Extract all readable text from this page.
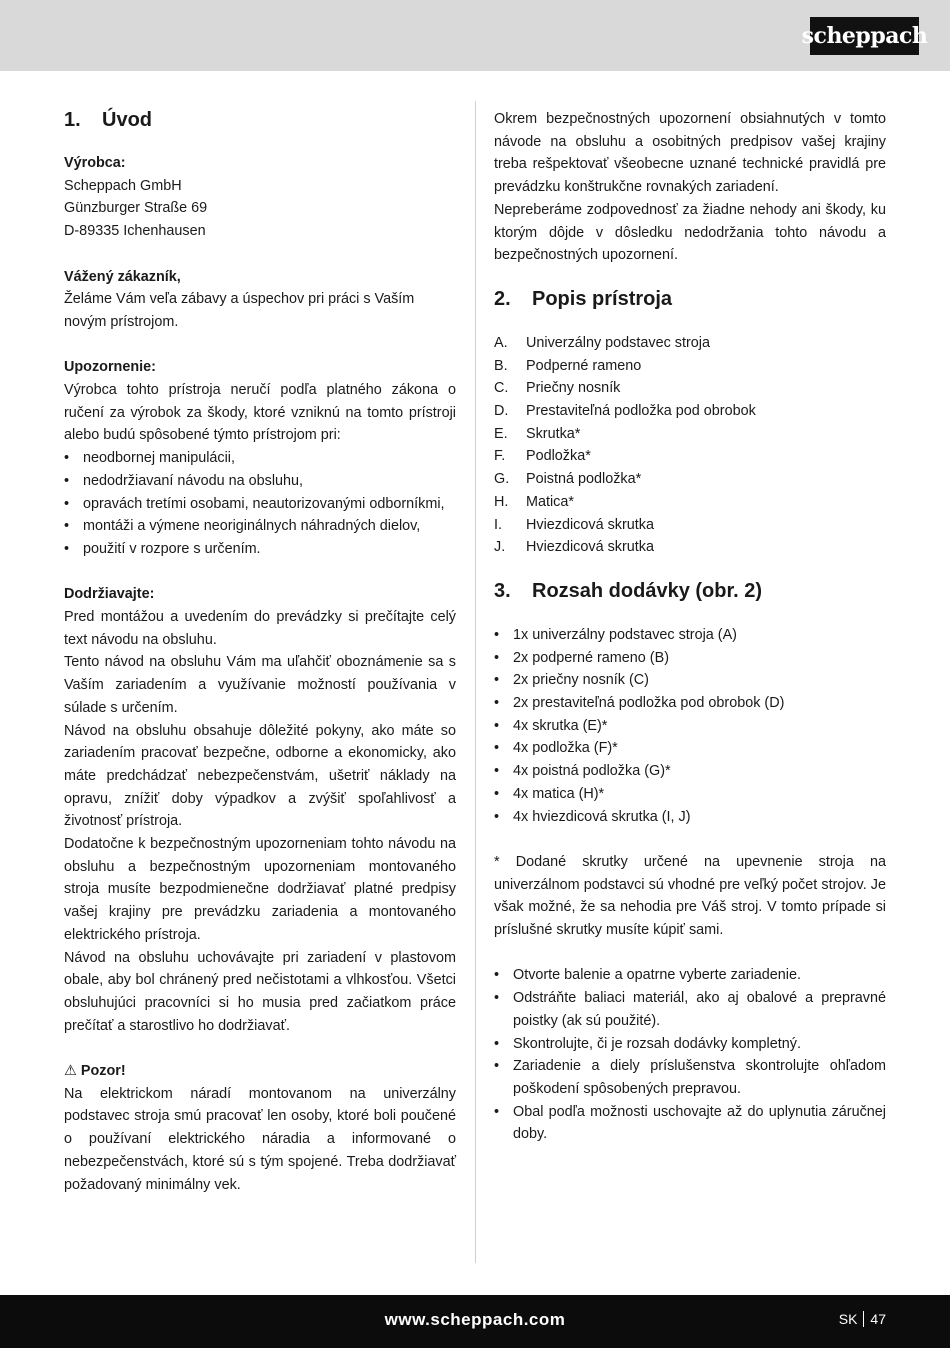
scheppach
1.	Úvod

Výrobca:

Scheppach GmbH

Günzburger Straße 69

D-89335 Ichenhausen

Vážený zákazník,

Želáme Vám veľa zábavy a úspechov pri práci s Vaším novým prístrojom.

Upozornenie:

Výrobca tohto prístroja neručí podľa platného zákona o ručení za výrobok za škody, ktoré vzniknú na tomto prístroji alebo budú spôsobené týmto prístrojom pri:

• neodbornej manipulácii,
• nedodržiavaní návodu na obsluhu,
• opravách tretími osobami, neautorizovanými odborníkmi,
• montáži a výmene neoriginálnych náhradných dielov,
• použití v rozpore s určením.

Dodržiavajte:

Pred montážou a uvedením do prevádzky si prečítajte celý text návodu na obsluhu.

Tento návod na obsluhu Vám ma uľahčiť oboznámenie sa s Vaším zariadením a využívanie možností používania v súlade s určením.

Návod na obsluhu obsahuje dôležité pokyny, ako máte so zariadením pracovať bezpečne, odborne a ekonomicky, ako máte predchádzať nebezpečenstvám, ušetriť náklady na opravu, znížiť doby výpadkov a zvýšiť spoľahlivosť a životnosť prístroja.

Dodatočne k bezpečnostným upozorneniam tohto návodu na obsluhu a bezpečnostným upozorneniam montovaného stroja musíte bezpodmienečne dodržiavať platné predpisy vašej krajiny pre prevádzku zariadenia a montovaného elektrického prístroja.

Návod na obsluhu uchovávajte pri zariadení v plastovom obale, aby bol chránený pred nečistotami a vlhkosťou. Všetci obsluhujúci pracovníci si ho musia pred začiatkom práce prečítať a starostlivo ho dodržiavať.

⚠ Pozor!

Na elektrickom náradí montovanom na univerzálny podstavec stroja smú pracovať len osoby, ktoré boli poučené o používaní elektrického náradia a informované o nebezpečenstvách, ktoré sú s tým spojené. Treba dodržiavať požadovaný minimálny vek.

Okrem bezpečnostných upozornení obsiahnutých v tomto návode na obsluhu a osobitných predpisov vašej krajiny treba rešpektovať všeobecne uznané technické pravidlá pre prevádzku konštrukčne rovnakých zariadení.

Nepreberáme zodpovednosť za žiadne nehody ani škody, ku ktorým dôjde v dôsledku nedodržania tohto návodu a bezpečnostných upozornení.

2.	Popis prístroja
A.	Univerzálny podstavec stroja
B.	Podperné rameno
C.	Priečny nosník
D.	Prestaviteľná podložka pod obrobok
E.	Skrutka*
F.	Podložka*
G.	Poistná podložka*
H.	Matica*
I.	Hviezdicová skrutka
J.	Hviezdicová skrutka
3.	Rozsah dodávky (obr. 2)
• 1x univerzálny podstavec stroja (A)
• 2x podperné rameno (B)
• 2x priečny nosník (C)
• 2x prestaviteľná podložka pod obrobok (D)
• 4x skrutka (E)*
• 4x podložka (F)*
• 4x poistná podložka (G)*
• 4x matica (H)*
• 4x hviezdicová skrutka (I, J)

* Dodané skrutky určené na upevnenie stroja na univerzálnom podstavci sú vhodné pre veľký počet strojov. Je však možné, že sa nehodia pre Váš stroj. V tomto prípade si príslušné skrutky musíte kúpiť sami.

• Otvorte balenie a opatrne vyberte zariadenie.
• Odstráňte baliaci materiál, ako aj obalové a prepravné poistky (ak sú použité).
• Skontrolujte, či je rozsah dodávky kompletný.
• Zariadenie a diely príslušenstva skontrolujte ohľadom poškodení spôsobených prepravou.
• Obal podľa možnosti uschovajte až do uplynutia záručnej doby.
www.scheppach.com	SK 47
